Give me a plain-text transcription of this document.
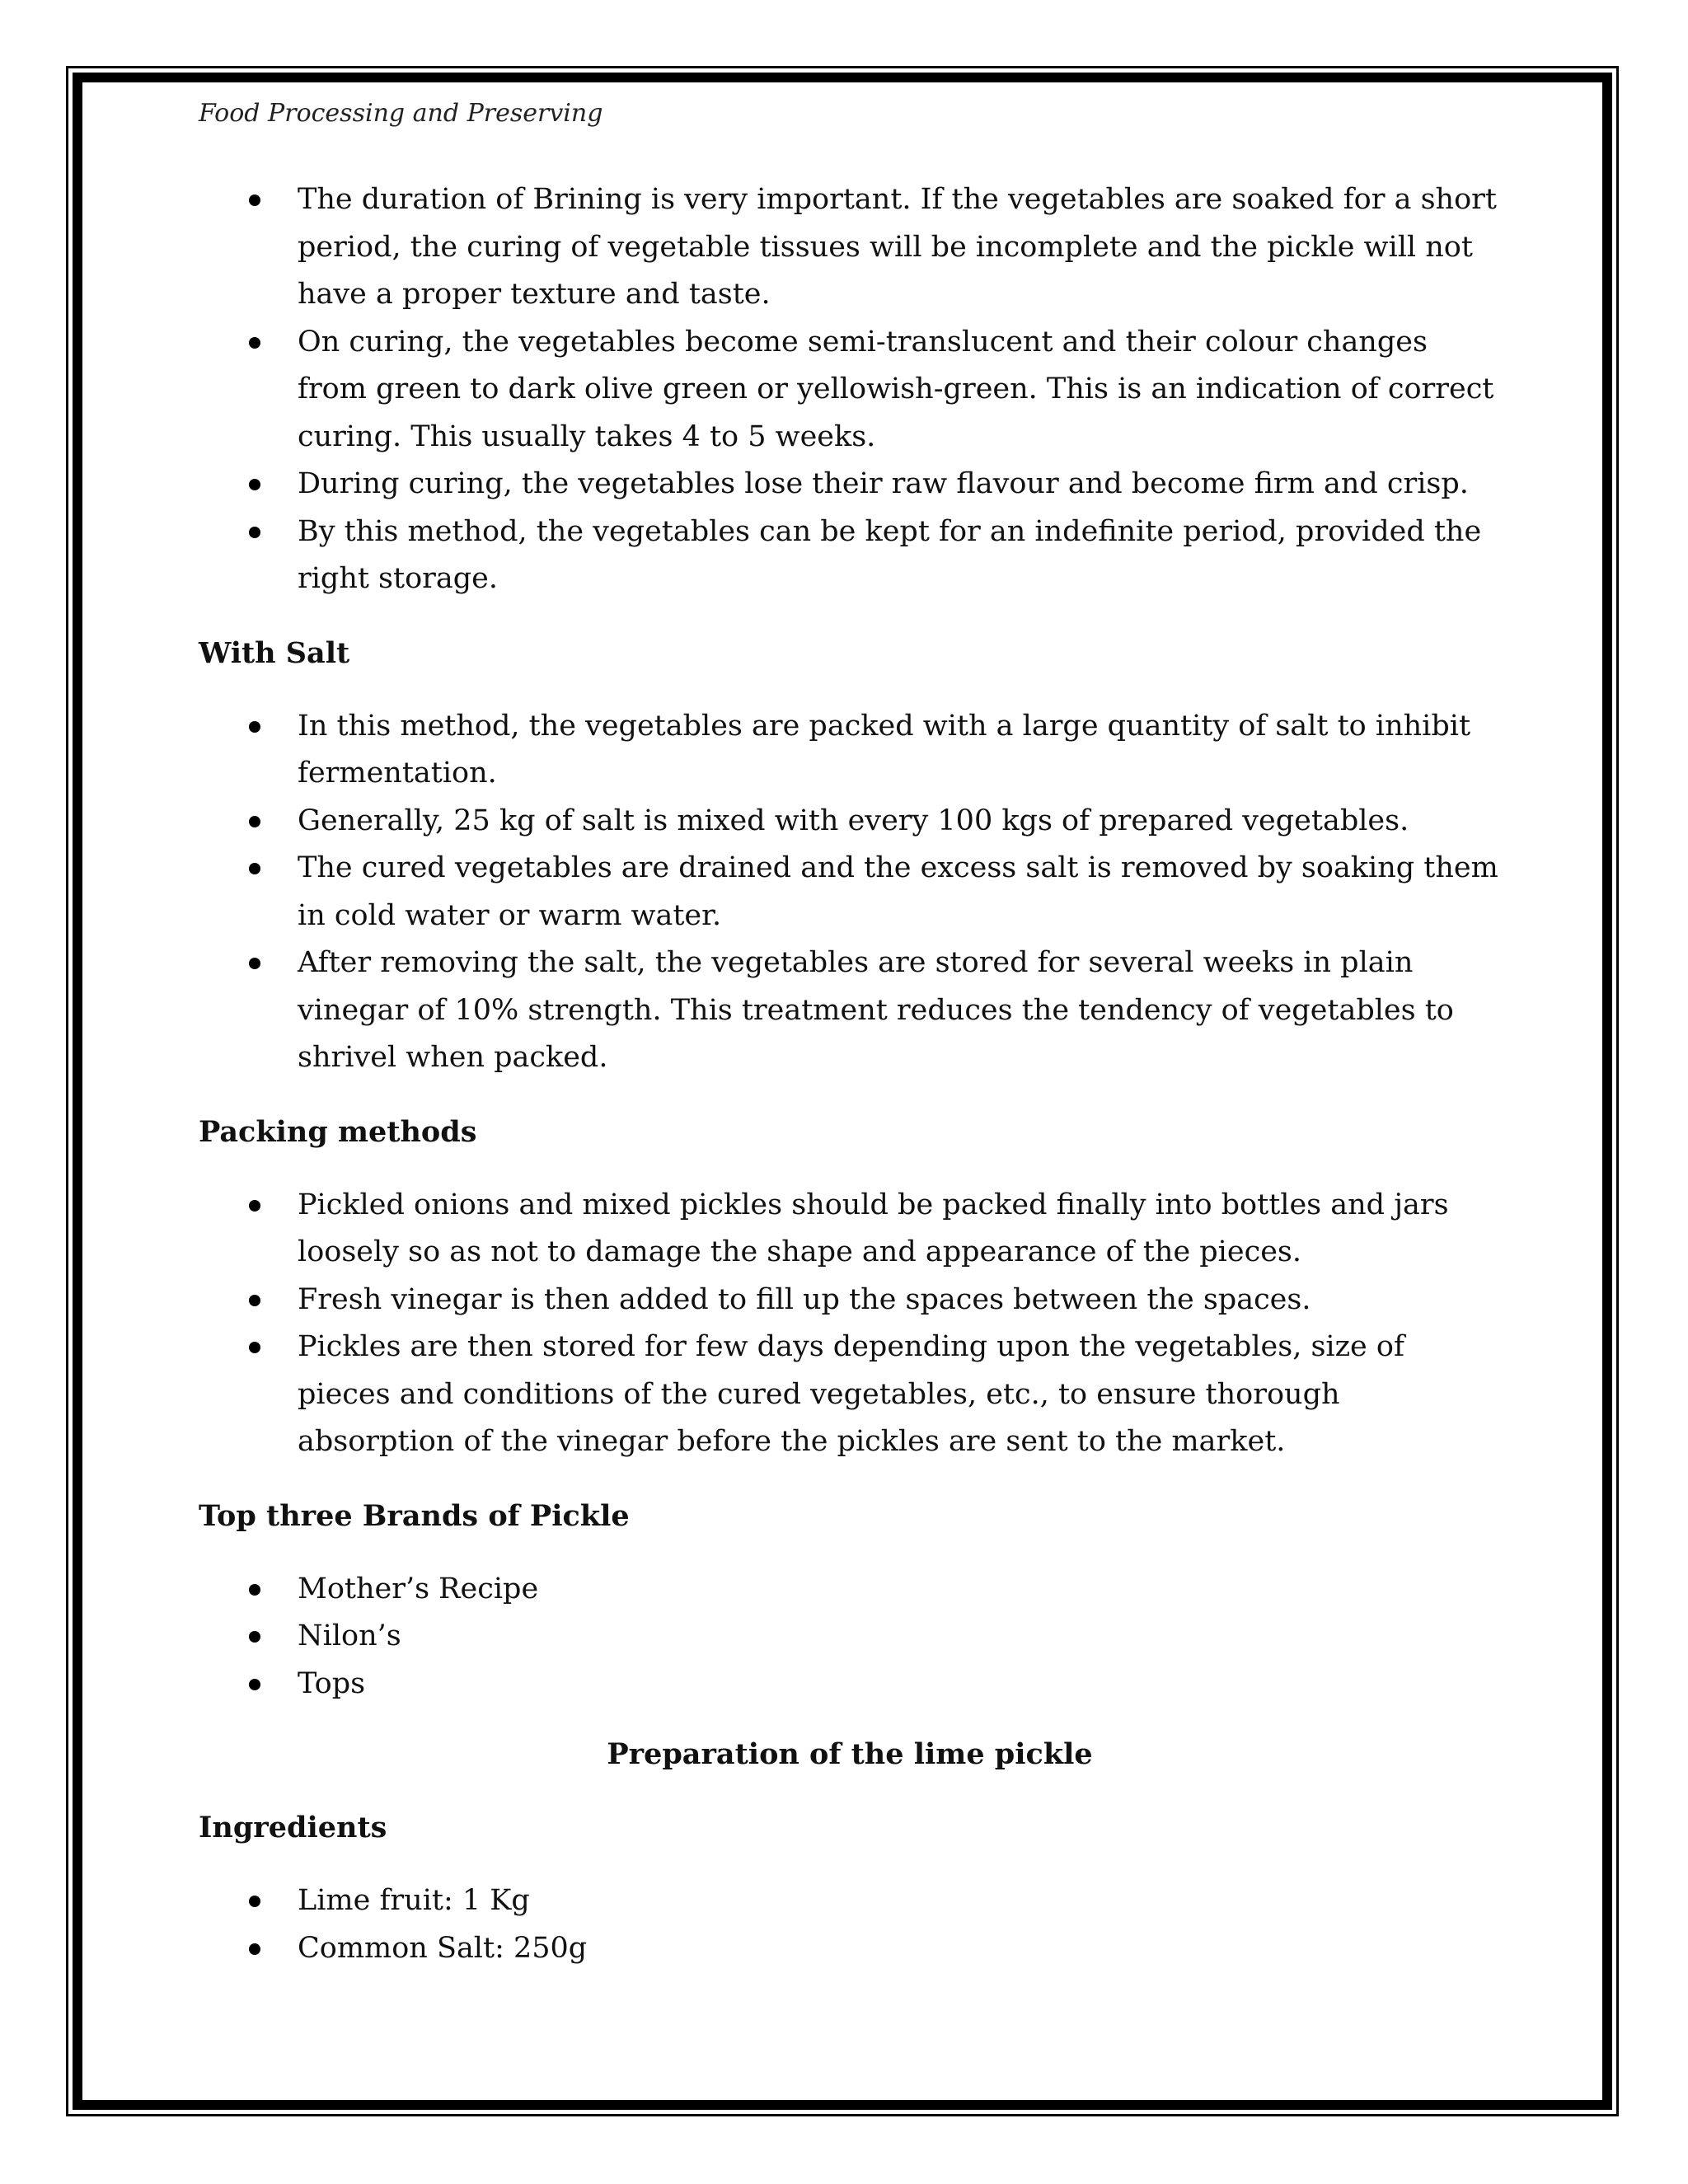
Food Processing and Preserving
The duration of Brining is very important. If the vegetables are soaked for a short period, the curing of vegetable tissues will be incomplete and the pickle will not have a proper texture and taste.
On curing, the vegetables become semi-translucent and their colour changes from green to dark olive green or yellowish-green. This is an indication of correct curing. This usually takes 4 to 5 weeks.
During curing, the vegetables lose their raw flavour and become firm and crisp.
By this method, the vegetables can be kept for an indefinite period, provided the right storage.
With Salt
In this method, the vegetables are packed with a large quantity of salt to inhibit fermentation.
Generally, 25 kg of salt is mixed with every 100 kgs of prepared vegetables.
The cured vegetables are drained and the excess salt is removed by soaking them in cold water or warm water.
After removing the salt, the vegetables are stored for several weeks in plain vinegar of 10% strength. This treatment reduces the tendency of vegetables to shrivel when packed.
Packing methods
Pickled onions and mixed pickles should be packed finally into bottles and jars loosely so as not to damage the shape and appearance of the pieces.
Fresh vinegar is then added to fill up the spaces between the spaces.
Pickles are then stored for few days depending upon the vegetables, size of pieces and conditions of the cured vegetables, etc., to ensure thorough absorption of the vinegar before the pickles are sent to the market.
Top three Brands of Pickle
Mother’s Recipe
Nilon’s
Tops
Preparation of the lime pickle
Ingredients
Lime fruit: 1 Kg
Common Salt: 250g
